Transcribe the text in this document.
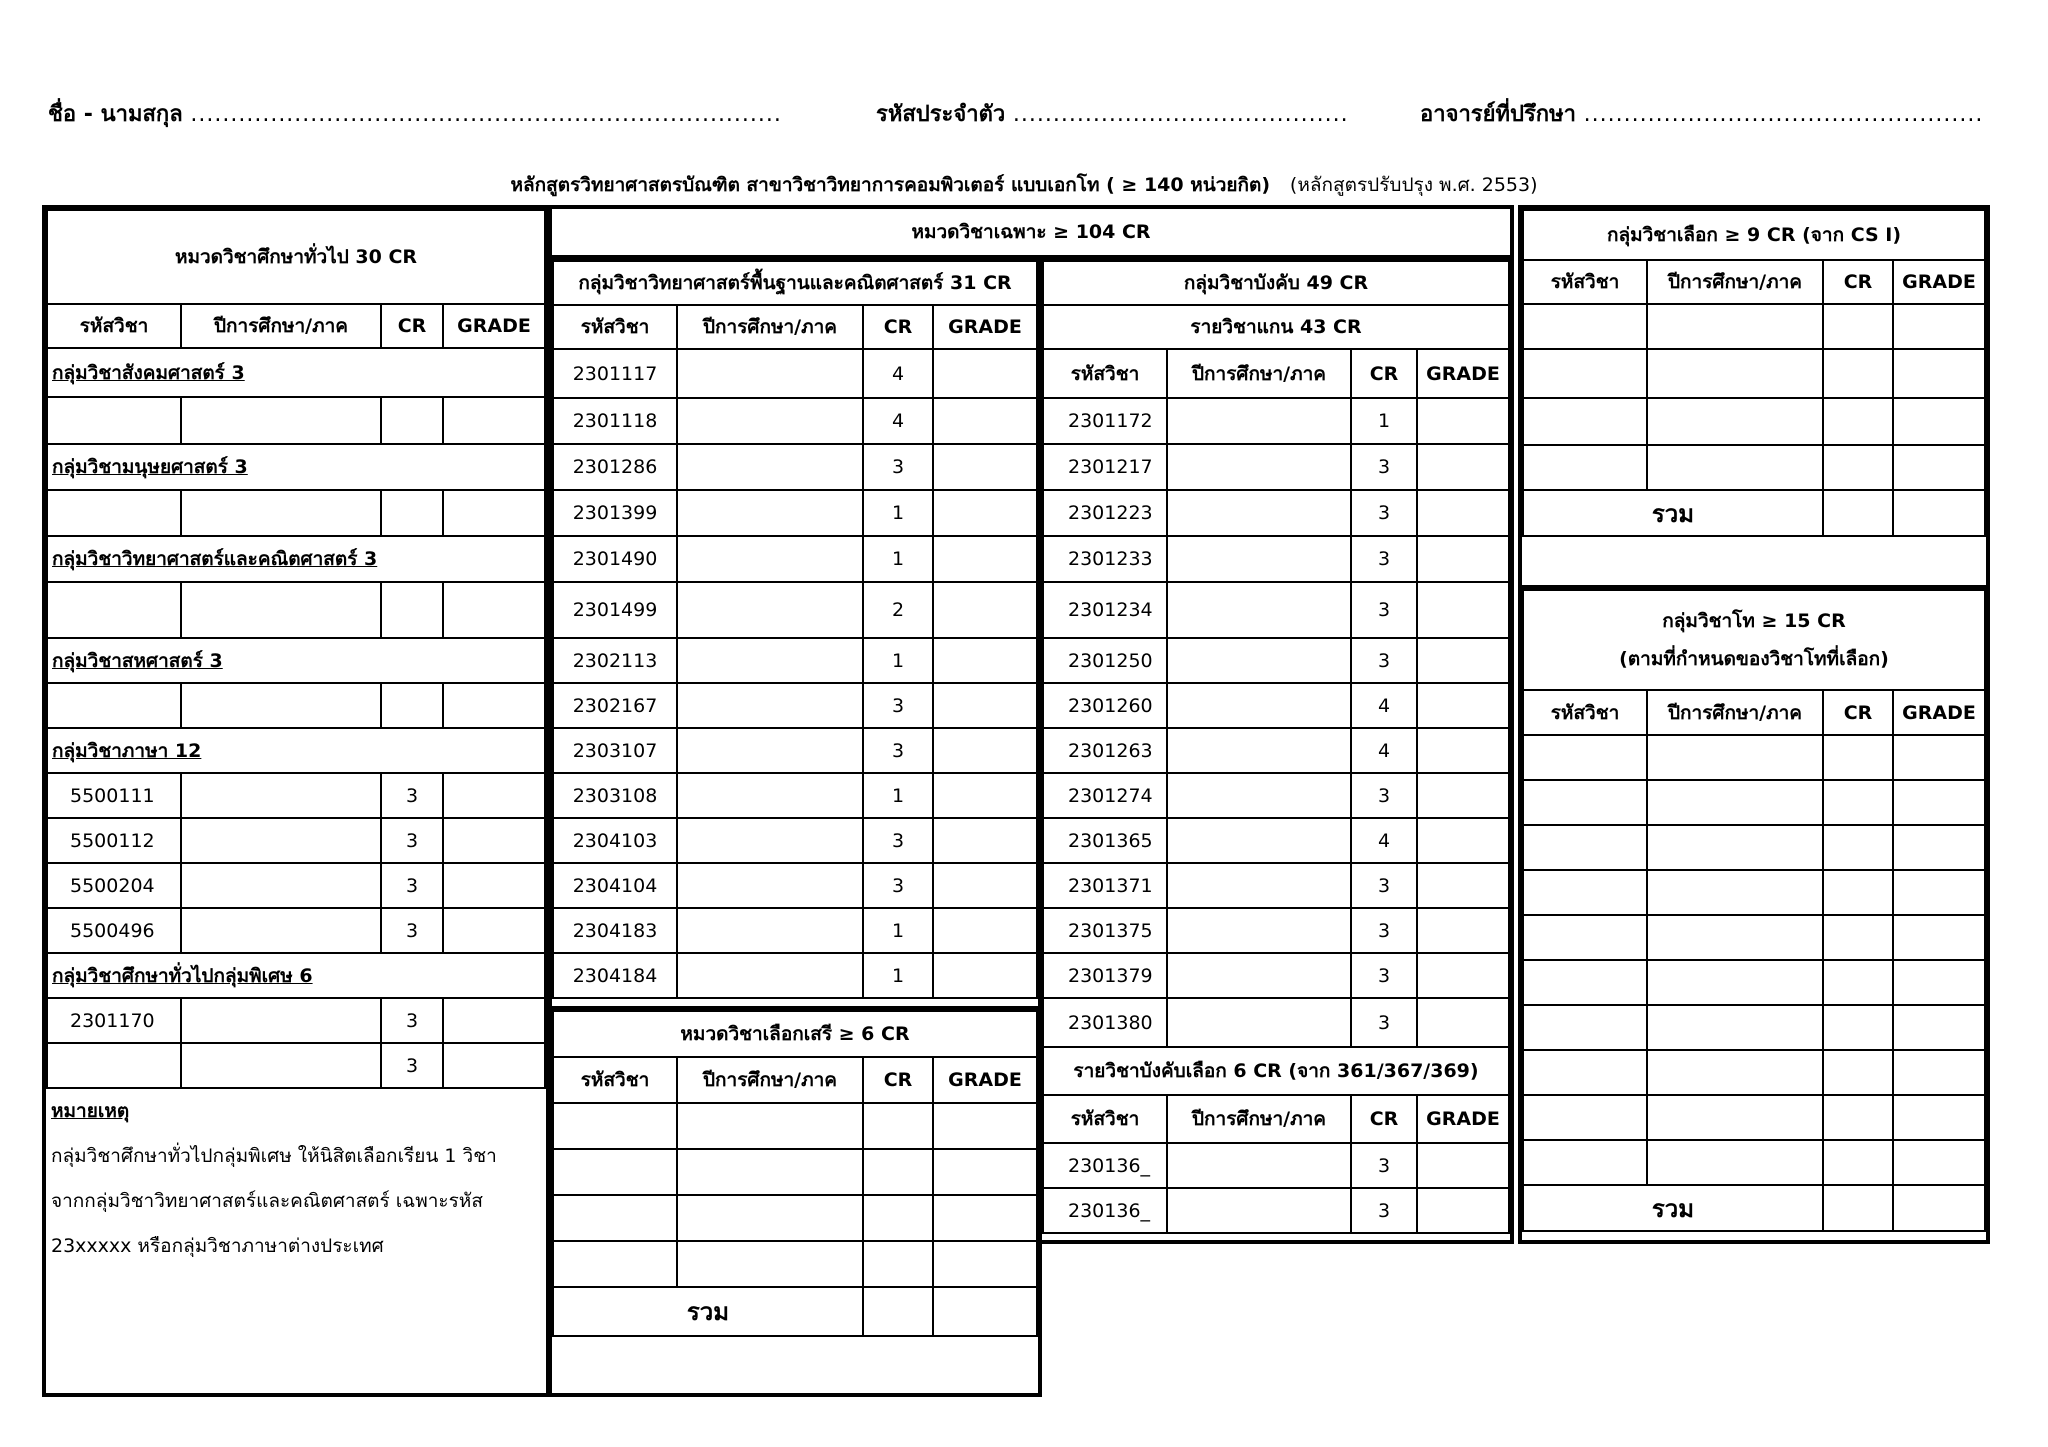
ชื่อ - นามสกุล ..........................................................................	รหัสประจำตัว ..........................................	อาจารย์ที่ปรึกษา ..................................................
หลักสูตรวิทยาศาสตรบัณฑิต สาขาวิชาวิทยาการคอมพิวเตอร์ แบบเอกโท ( ≥ 140 หน่วยกิต) (หลักสูตรปรับปรุง พ.ศ. 2553)
หมวดวิชาศึกษาทั่วไป 30 CR			
รหัสวิชา	ปีการศึกษา/ภาค	CR	GRADE
กลุ่มวิชาสังคมศาสตร์ 3			

กลุ่มวิชามนุษยศาสตร์ 3			

กลุ่มวิชาวิทยาศาสตร์และคณิตศาสตร์ 3			

กลุ่มวิชาสหศาสตร์ 3			

กลุ่มวิชาภาษา 12			
5500111		3	
5500112		3	
5500204		3	
5500496		3	
กลุ่มวิชาศึกษาทั่วไปกลุ่มพิเศษ 6			
2301170		3	
		3	

หมายเหตุ
กลุ่มวิชาศึกษาทั่วไปกลุ่มพิเศษ ให้นิสิตเลือกเรียน 1 วิชา
จากกลุ่มวิชาวิทยาศาสตร์และคณิตศาสตร์ เฉพาะรหัส
23xxxxx หรือกลุ่มวิชาภาษาต่างประเทศ			
หมวดวิชาเฉพาะ ≥ 104 CR
กลุ่มวิชาวิทยาศาสตร์พื้นฐานและคณิตศาสตร์ 31 CR			
รหัสวิชา	ปีการศึกษา/ภาค	CR	GRADE
2301117		4	
2301118		4	
2301286		3	
2301399		1	
2301490		1	
2301499		2	
2302113		1	
2302167		3	
2303107		3	
2303108		1	
2304103		3	
2304104		3	
2304183		1	
2304184		1	
หมวดวิชาเลือกเสรี ≥ 6 CR			
รหัสวิชา	ปีการศึกษา/ภาค	CR	GRADE

รวม			
กลุ่มวิชาบังคับ 49 CR			
รายวิชาแกน 43 CR			
รหัสวิชา	ปีการศึกษา/ภาค	CR	GRADE
2301172		1	
2301217		3	
2301223		3	
2301233		3	
2301234		3	
2301250		3	
2301260		4	
2301263		4	
2301274		3	
2301365		4	
2301371		3	
2301375		3	
2301379		3	
2301380		3	
รายวิชาบังคับเลือก 6 CR (จาก 361/367/369)			
รหัสวิชา	ปีการศึกษา/ภาค	CR	GRADE
230136_		3	
230136_		3	
กลุ่มวิชาเลือก ≥ 9 CR (จาก CS I)			
รหัสวิชา	ปีการศึกษา/ภาค	CR	GRADE

รวม			
กลุ่มวิชาโท ≥ 15 CR
(ตามที่กำหนดของวิชาโทที่เลือก)			

รหัสวิชา	ปีการศึกษา/ภาค	CR	GRADE

รวม			
